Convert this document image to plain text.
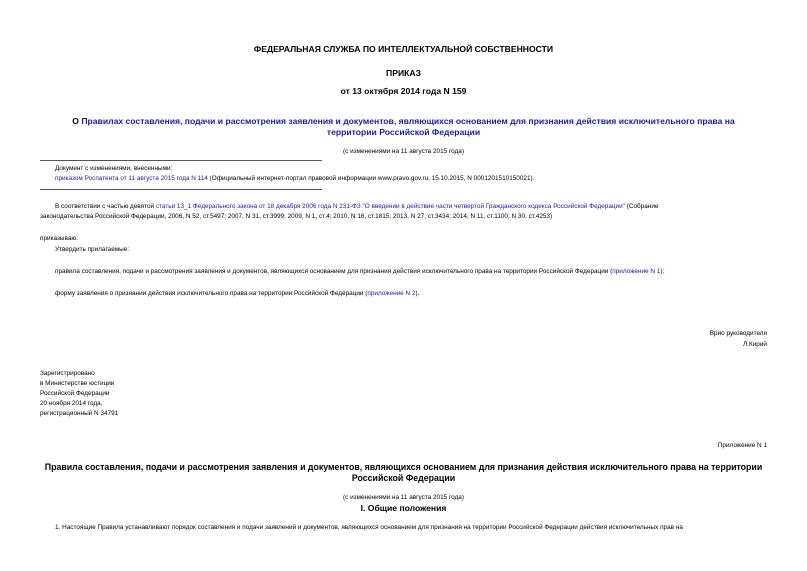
ФЕДЕРАЛЬНАЯ СЛУЖБА ПО ИНТЕЛЛЕКТУАЛЬНОЙ СОБСТВЕННОСТИ
ПРИКАЗ
от 13 октября 2014 года N 159
О Правилах составления, подачи и рассмотрения заявления и документов, являющихся основанием для признания действия исключительного права на
территории Российской Федерации
(с изменениями на 11 августа 2015 года)
Документ с изменениями, внесенными:
приказом Роспатента от 11 августа 2015 года N 114 (Официальный интернет-портал правовой информации www.pravo.gov.ru, 15.10.2015, N 0001201510150021).
В соответствии с частью девятой статьи 13_1 Федерального закона от 18 декабря 2006 года N 231-ФЗ "О введении в действие части четвертой Гражданского кодекса Российской Федерации" (Собрание
законодательства Российской Федерации, 2006, N 52, ст.5497; 2007, N 31, ст.3999; 2009, N 1, ст.4; 2010, N 16, ст.1815; 2013, N 27, ст.3434; 2014, N 11, ст.1100; N 30, ст.4253)
приказываю:
Утвердить прилагаемые:
правила составления, подачи и рассмотрения заявления и документов, являющихся основанием для признания действия исключительного права на территории Российской Федерации (приложение N 1);
форму заявления о признании действия исключительного права на территории Российской Федерации (приложение N 2).
Врио руководителя
Л.Кирий
Зарегистрировано
в Министерстве юстиции
Российской Федерации
20 ноября 2014 года,
регистрационный N 34791
Приложение N 1
Правила составления, подачи и рассмотрения заявления и документов, являющихся основанием для признания действия исключительного права на территории
Российской Федерации
(с изменениями на 11 августа 2015 года)
I. Общие положения
1. Настоящие Правила устанавливают порядок составления и подачи заявлений и документов, являющихся основанием для признания на территории Российской Федерации действия исключительных прав на
